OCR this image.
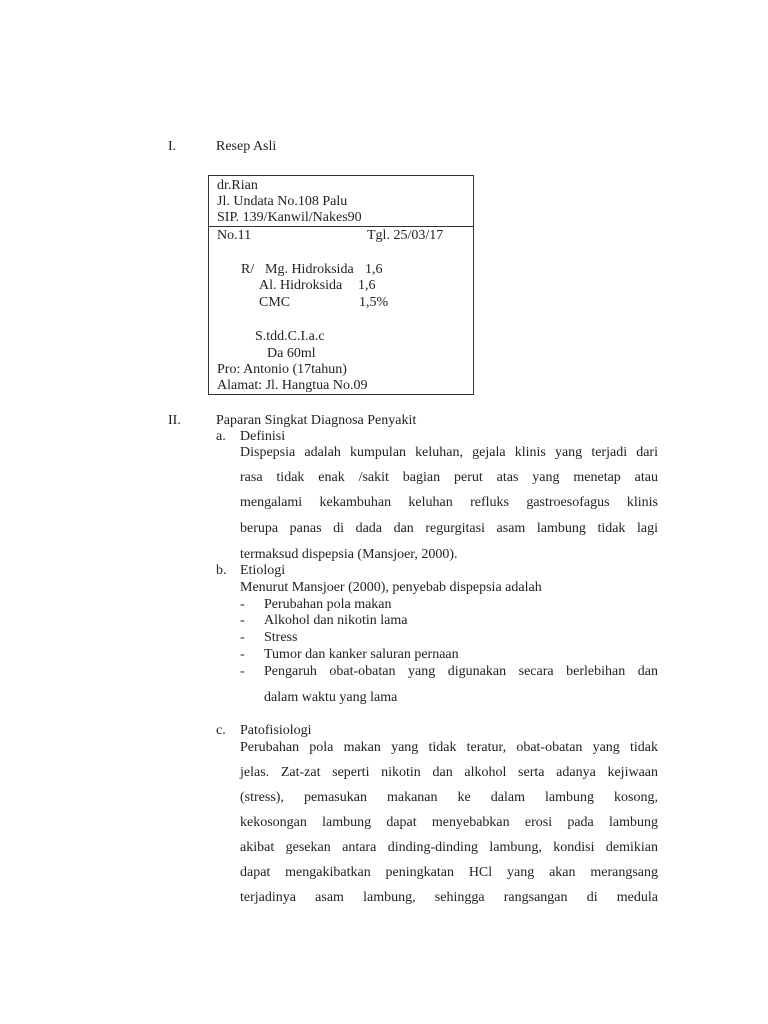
I.	Resep Asli
dr.Rian
Jl. Undata No.108 Palu
SIP. 139/Kanwil/Nakes90
No.11	Tgl. 25/03/17
R/ Mg. Hidroksida 1,6
Al. Hidroksida 1,6
CMC	1,5%
S.tdd.C.I.a.c
Da 60ml
Pro: Antonio (17tahun)
Alamat: Jl. Hangtua No.09
II.	Paparan Singkat Diagnosa Penyakit
a. Definisi
Dispepsia adalah kumpulan keluhan, gejala klinis yang terjadi dari
rasa tidak enak /sakit bagian perut atas yang menetap atau
mengalami kekambuhan keluhan refluks gastroesofagus klinis
berupa panas di dada dan regurgitasi asam lambung tidak lagi
termaksud dispepsia (Mansjoer, 2000).
b. Etiologi
Menurut Mansjoer (2000), penyebab dispepsia adalah
- Perubahan pola makan
- Alkohol dan nikotin lama
- Stress
- Tumor dan kanker saluran pernaan
- Pengaruh obat-obatan yang digunakan secara berlebihan dan
dalam waktu yang lama
c. Patofisiologi
Perubahan pola makan yang tidak teratur, obat-obatan yang tidak
jelas. Zat-zat seperti nikotin dan alkohol serta adanya kejiwaan
(stress), pemasukan makanan ke dalam lambung kosong,
kekosongan lambung dapat menyebabkan erosi pada lambung
akibat gesekan antara dinding-dinding lambung, kondisi demikian
dapat mengakibatkan peningkatan HCl yang akan merangsang
terjadinya asam lambung, sehingga rangsangan di medula
